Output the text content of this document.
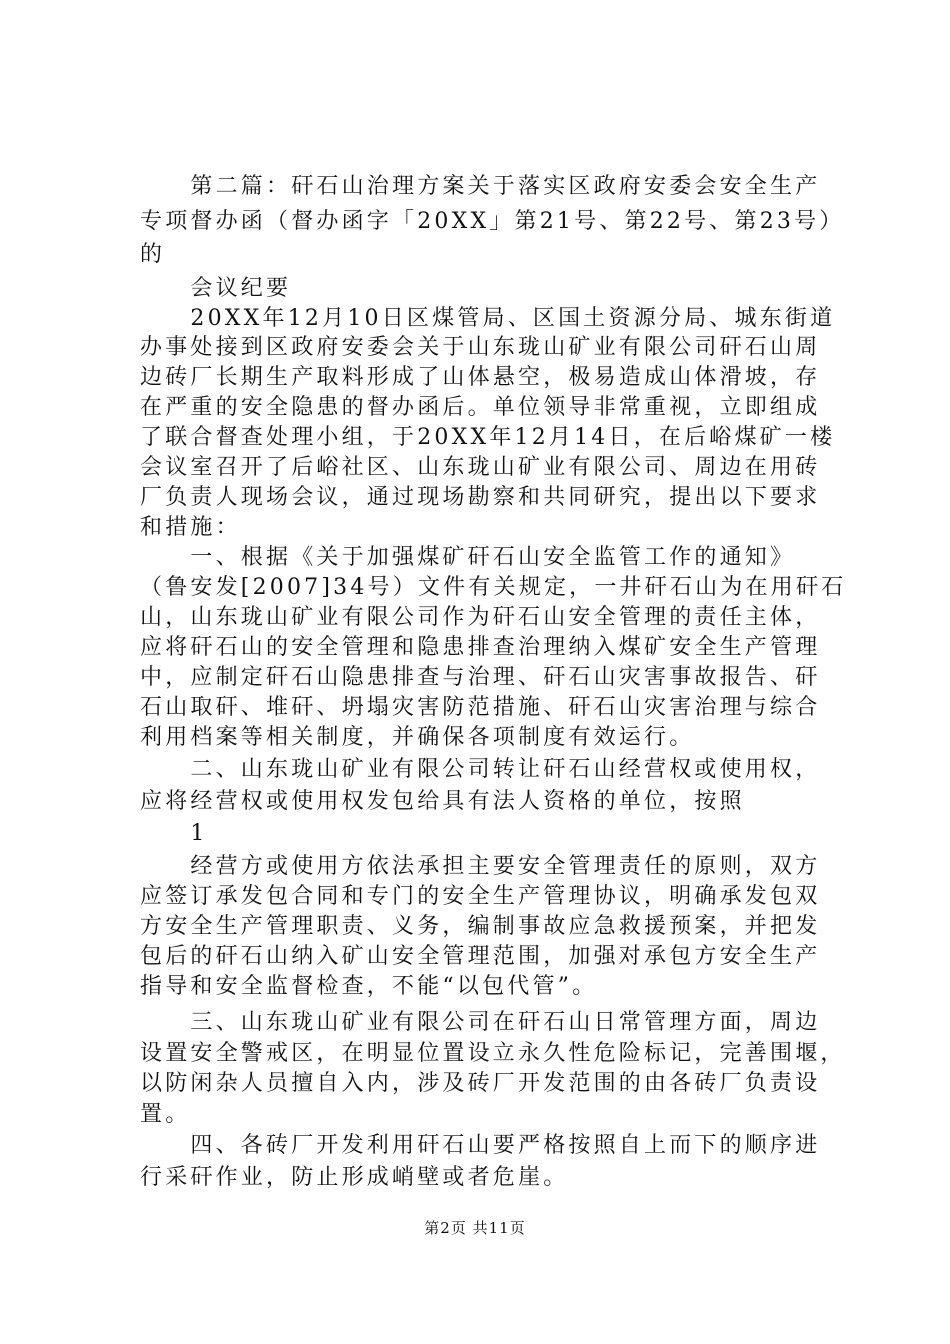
　　第二篇：矸石山治理方案关于落实区政府安委会安全生产
专项督办函（督办函字「20XX」第21号、第22号、第23号）
的
　　会议纪要
　　20XX年12月10日区煤管局、区国土资源分局、城东街道
办事处接到区政府安委会关于山东珑山矿业有限公司矸石山周
边砖厂长期生产取料形成了山体悬空，极易造成山体滑坡，存
在严重的安全隐患的督办函后。单位领导非常重视，立即组成
了联合督查处理小组，于20XX年12月14日，在后峪煤矿一楼
会议室召开了后峪社区、山东珑山矿业有限公司、周边在用砖
厂负责人现场会议，通过现场勘察和共同研究，提出以下要求
和措施：
　　一、根据《关于加强煤矿矸石山安全监管工作的通知》
（鲁安发[2007]34号）文件有关规定，一井矸石山为在用矸石
山，山东珑山矿业有限公司作为矸石山安全管理的责任主体，
应将矸石山的安全管理和隐患排查治理纳入煤矿安全生产管理
中，应制定矸石山隐患排查与治理、矸石山灾害事故报告、矸
石山取矸、堆矸、坍塌灾害防范措施、矸石山灾害治理与综合
利用档案等相关制度，并确保各项制度有效运行。
　　二、山东珑山矿业有限公司转让矸石山经营权或使用权，
应将经营权或使用权发包给具有法人资格的单位，按照
　　1
　　经营方或使用方依法承担主要安全管理责任的原则，双方
应签订承发包合同和专门的安全生产管理协议，明确承发包双
方安全生产管理职责、义务，编制事故应急救援预案，并把发
包后的矸石山纳入矿山安全管理范围，加强对承包方安全生产
指导和安全监督检查，不能“以包代管”。
　　三、山东珑山矿业有限公司在矸石山日常管理方面，周边
设置安全警戒区，在明显位置设立永久性危险标记，完善围堰，
以防闲杂人员擅自入内，涉及砖厂开发范围的由各砖厂负责设
置。
　　四、各砖厂开发利用矸石山要严格按照自上而下的顺序进
行采矸作业，防止形成峭壁或者危崖。
第2页 共11页
